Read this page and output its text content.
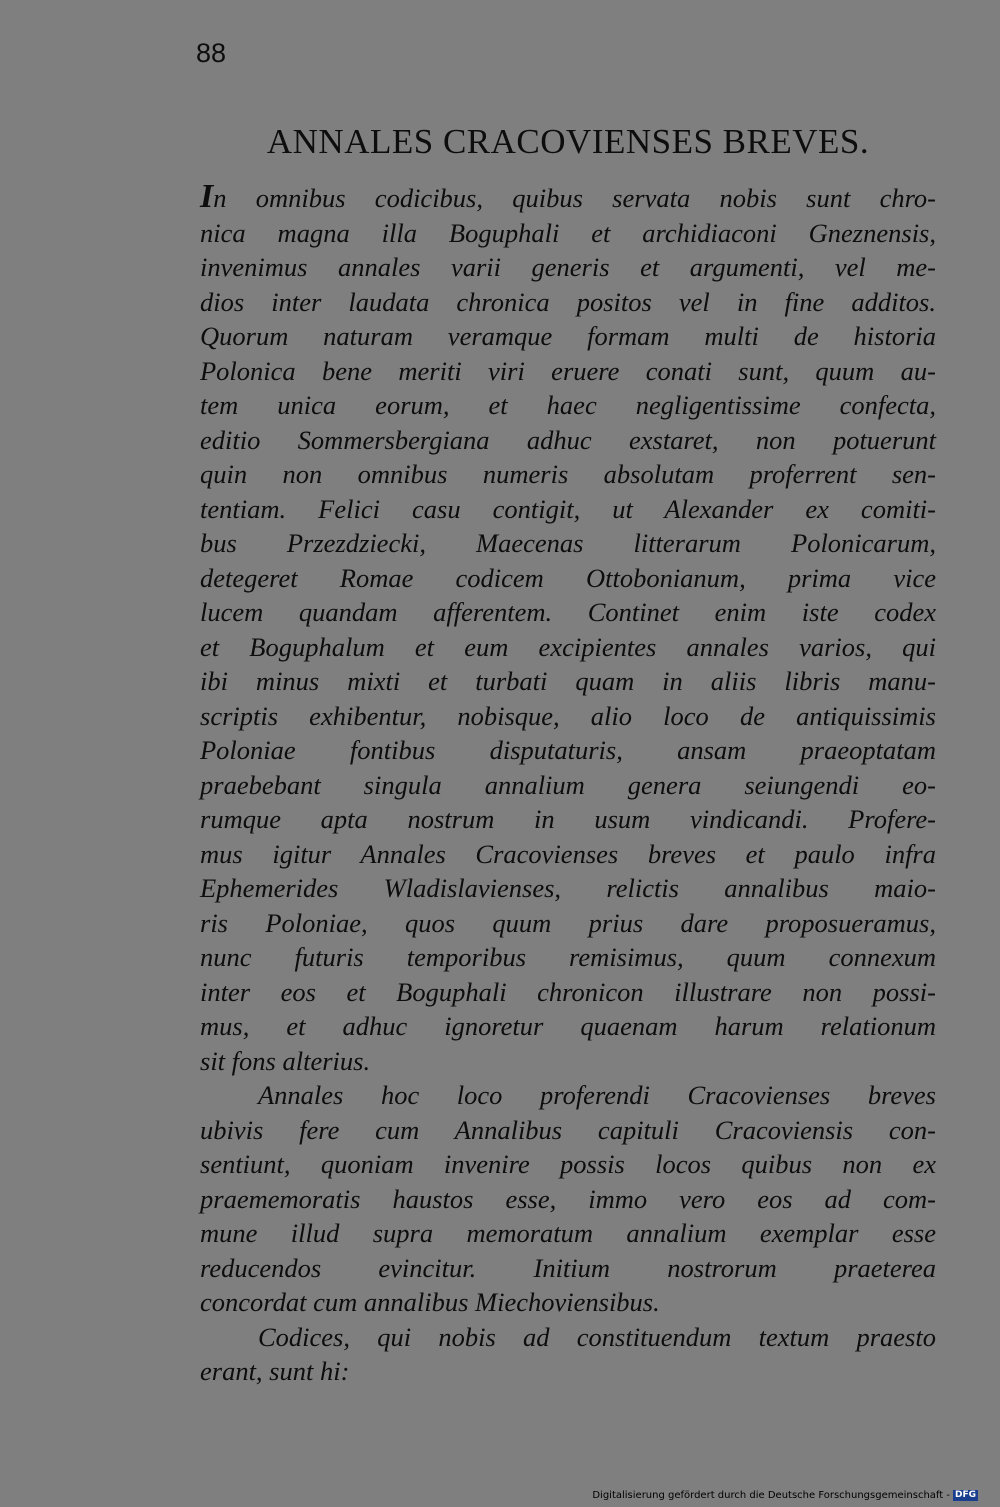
88
ANNALES CRACOVIENSES BREVES.
In omnibus codicibus, quibus servata nobis sunt chro-
nica magna illa Boguphali et archidiaconi Gneznensis,
invenimus annales varii generis et argumenti, vel me-
dios inter laudata chronica positos vel in fine additos.
Quorum naturam veramque formam multi de historia
Polonica bene meriti viri eruere conati sunt, quum au-
tem unica eorum, et haec negligentissime confecta,
editio Sommersbergiana adhuc exstaret, non potuerunt
quin non omnibus numeris absolutam proferrent sen-
tentiam. Felici casu contigit, ut Alexander ex comiti-
bus Przezdziecki, Maecenas litterarum Polonicarum,
detegeret Romae codicem Ottobonianum, prima vice
lucem quandam afferentem. Continet enim iste codex
et Boguphalum et eum excipientes annales varios, qui
ibi minus mixti et turbati quam in aliis libris manu-
scriptis exhibentur, nobisque, alio loco de antiquissimis
Poloniae fontibus disputaturis, ansam praeoptatam
praebebant singula annalium genera seiungendi eo-
rumque apta nostrum in usum vindicandi. Profere-
mus igitur Annales Cracovienses breves et paulo infra
Ephemerides Wladislavienses, relictis annalibus maio-
ris Poloniae, quos quum prius dare proposueramus,
nunc futuris temporibus remisimus, quum connexum
inter eos et Boguphali chronicon illustrare non possi-
mus, et adhuc ignoretur quaenam harum relationum
sit fons alterius.
Annales hoc loco proferendi Cracovienses breves
ubivis fere cum Annalibus capituli Cracoviensis con-
sentiunt, quoniam invenire possis locos quibus non ex
praememoratis haustos esse, immo vero eos ad com-
mune illud supra memoratum annalium exemplar esse
reducendos evincitur. Initium nostrorum praeterea
concordat cum annalibus Miechoviensibus.
Codices, qui nobis ad constituendum textum praesto
erant, sunt hi:
Digitalisierung gefördert durch die Deutsche Forschungsgemeinschaft - DFG
